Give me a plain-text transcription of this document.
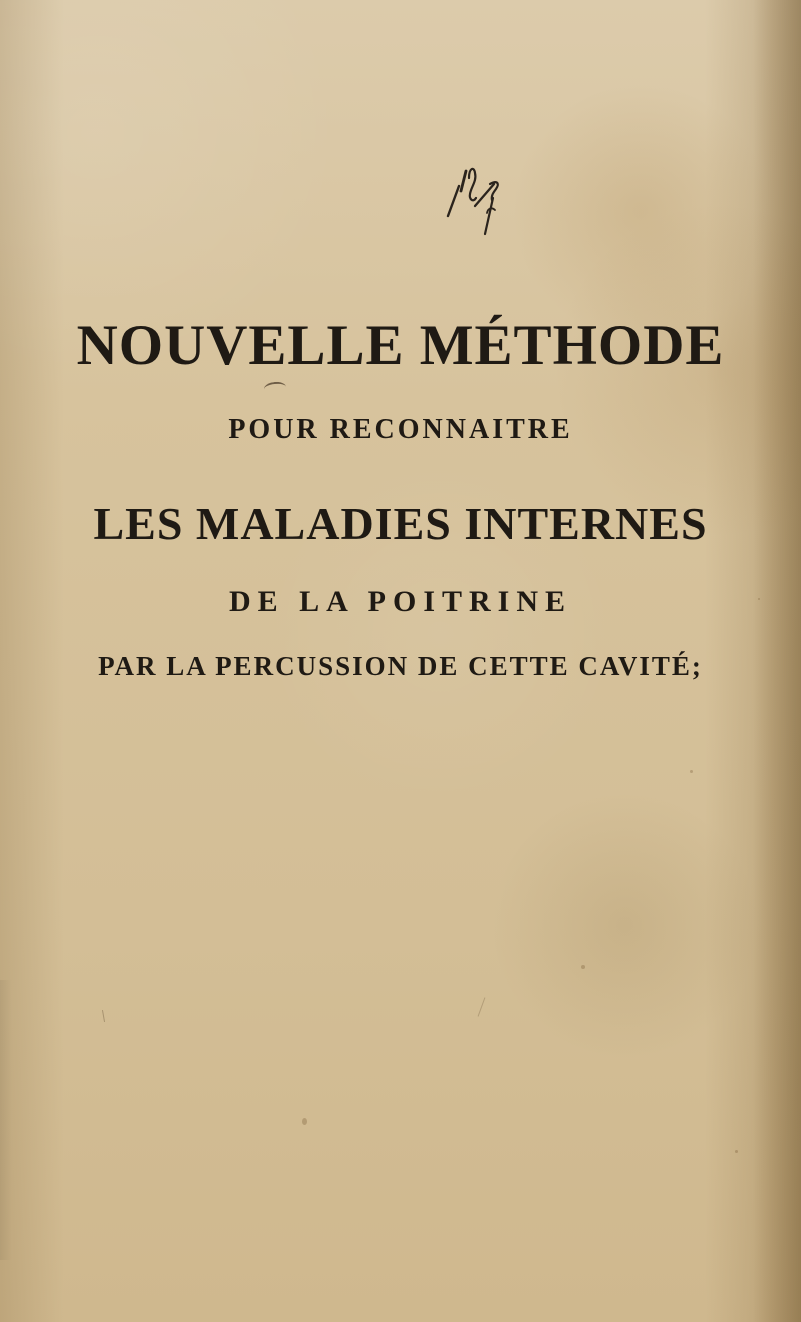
NOUVELLE MÉTHODE
POUR RECONNAITRE
LES MALADIES INTERNES
DE LA POITRINE
PAR LA PERCUSSION DE CETTE CAVITÉ;
